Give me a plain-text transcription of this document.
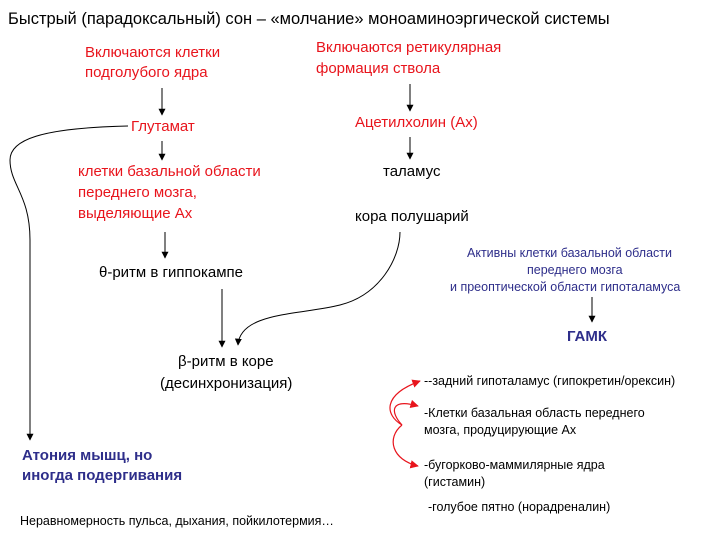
Быстрый (парадоксальный) сон – «молчание» моноаминоэргической системы
Включаются клетки
подголубого ядра
Глутамат
клетки базальной области
переднего мозга,
выделяющие Ах
θ-ритм в гиппокампе
Включаются ретикулярная
формация ствола
Ацетилхолин (Ах)
таламус
кора полушарий
β-ритм в коре
(десинхронизация)
Атония мышц, но
иногда подергивания
Неравномерность пульса, дыхания, пойкилотермия…
Активны клетки базальной области
переднего мозга
и преоптической области гипоталамуса
ГАМК
--задний гипоталамус (гипокретин/орексин)
-Клетки базальная область переднего
мозга, продуцирующие Ах
-бугорково-маммилярные ядра
(гистамин)
-голубое пятно (норадреналин)
